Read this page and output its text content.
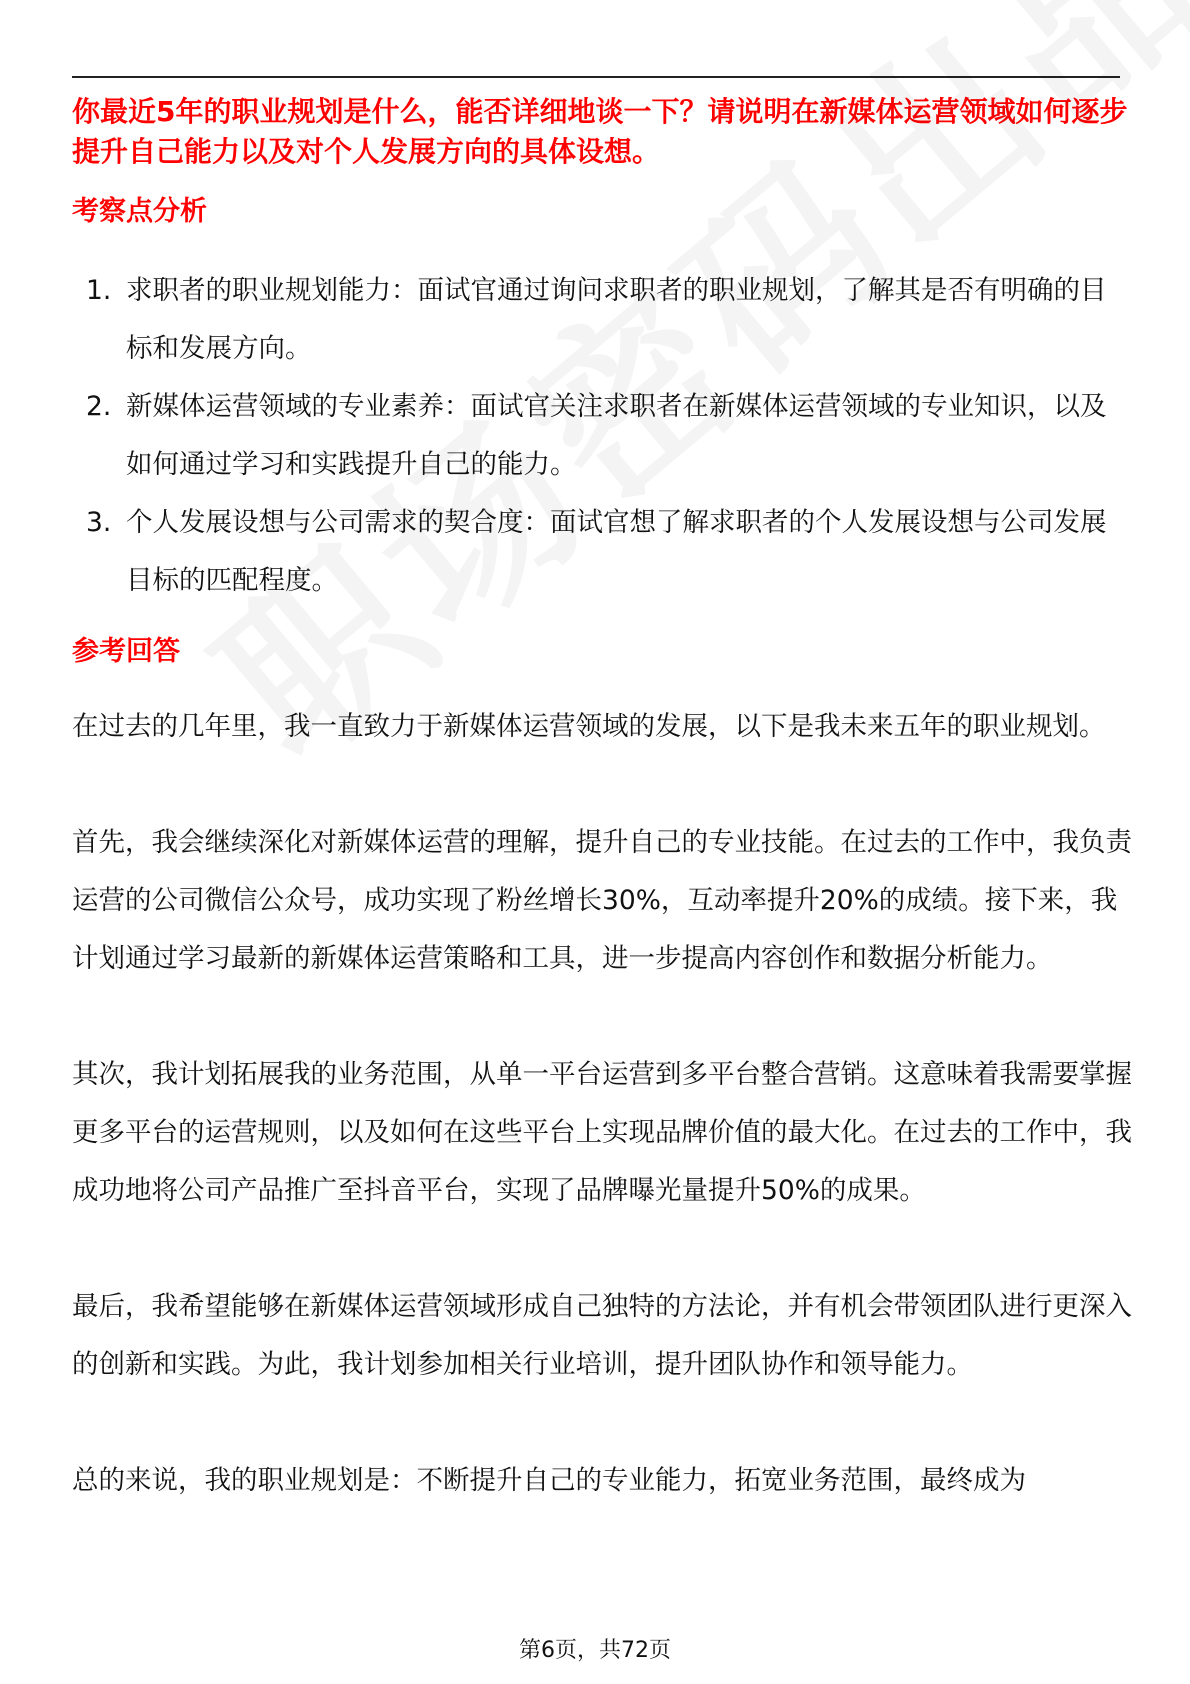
你最近5年的职业规划是什么，能否详细地谈一下？请说明在新媒体运营领域如何逐步提升自己能力以及对个人发展方向的具体设想。

考察点分析

1. 求职者的职业规划能力：面试官通过询问求职者的职业规划，了解其是否有明确的目标和发展方向。
2. 新媒体运营领域的专业素养：面试官关注求职者在新媒体运营领域的专业知识，以及如何通过学习和实践提升自己的能力。
3. 个人发展设想与公司需求的契合度：面试官想了解求职者的个人发展设想与公司发展目标的匹配程度。

参考回答

在过去的几年里，我一直致力于新媒体运营领域的发展，以下是我未来五年的职业规划。

首先，我会继续深化对新媒体运营的理解，提升自己的专业技能。在过去的工作中，我负责运营的公司微信公众号，成功实现了粉丝增长30%，互动率提升20%的成绩。接下来，我计划通过学习最新的新媒体运营策略和工具，进一步提高内容创作和数据分析能力。

其次，我计划拓展我的业务范围，从单一平台运营到多平台整合营销。这意味着我需要掌握更多平台的运营规则，以及如何在这些平台上实现品牌价值的最大化。在过去的工作中，我成功地将公司产品推广至抖音平台，实现了品牌曝光量提升50%的成果。

最后，我希望能够在新媒体运营领域形成自己独特的方法论，并有机会带领团队进行更深入的创新和实践。为此，我计划参加相关行业培训，提升团队协作和领导能力。

总的来说，我的职业规划是：不断提升自己的专业能力，拓宽业务范围，最终成为

第6页，共72页
